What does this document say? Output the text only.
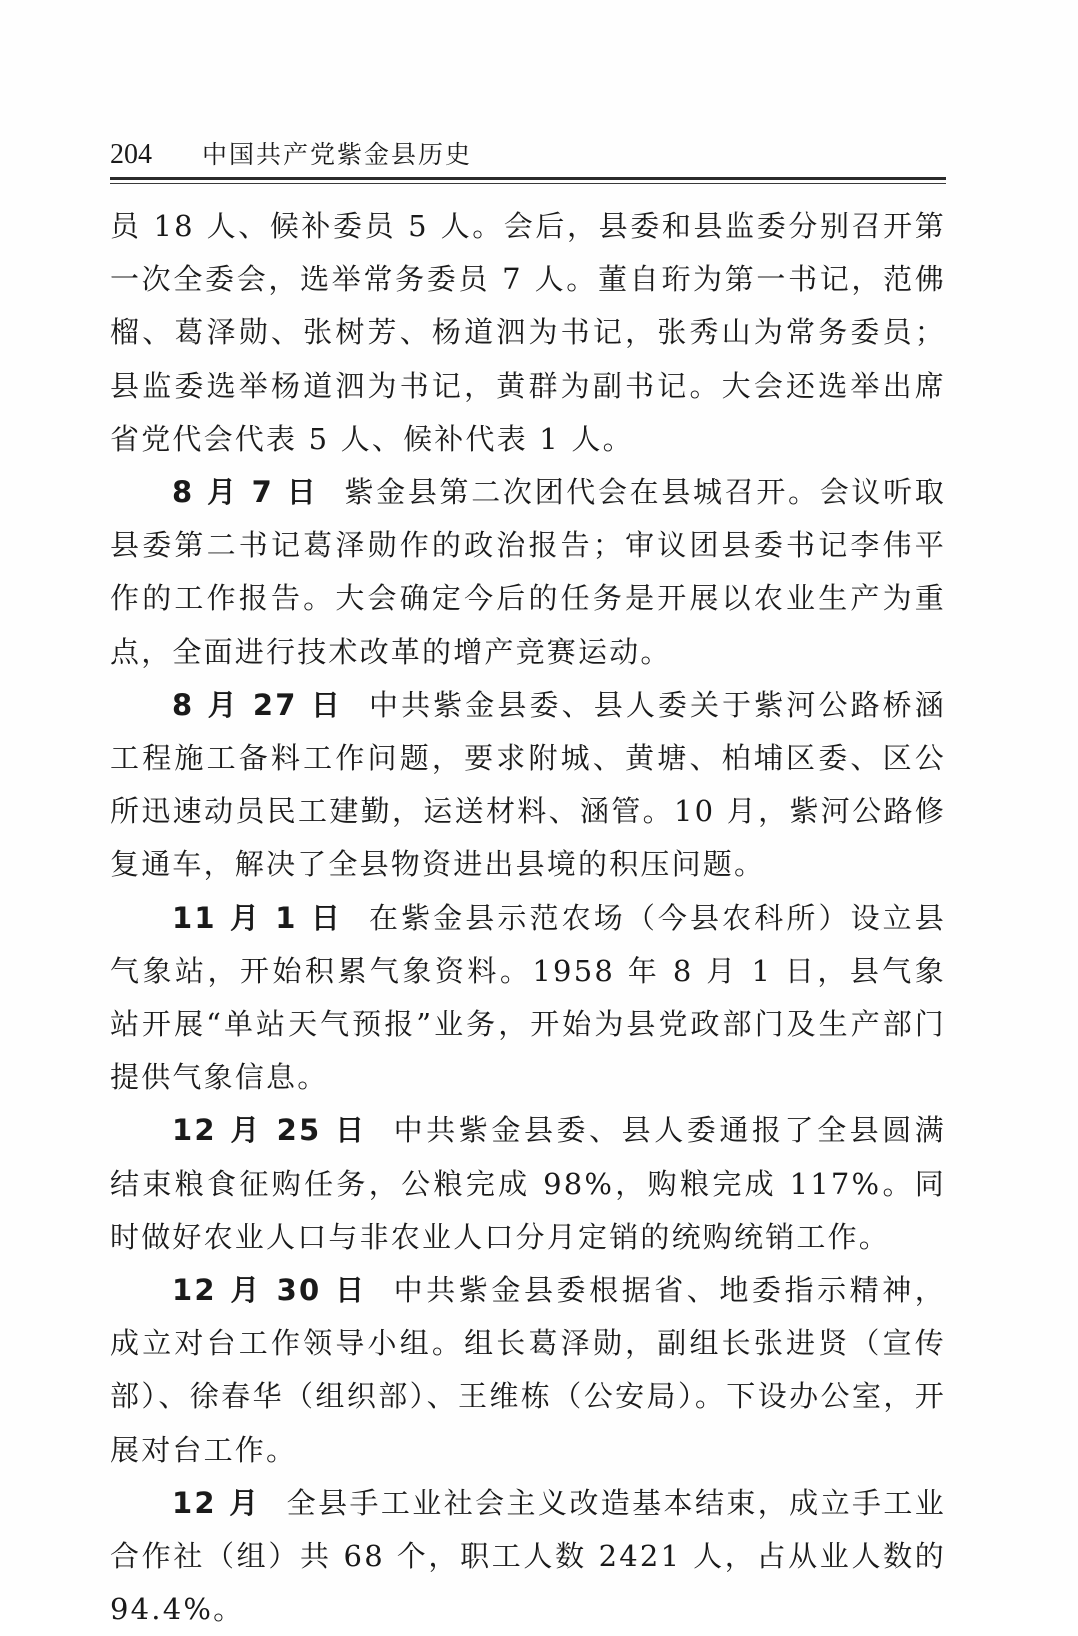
204 中国共产党紫金县历史

员 18 人、候补委员 5 人。会后，县委和县监委分别召开第一次全委会，选举常务委员 7 人。董自珩为第一书记，范佛榴、葛泽勋、张树芳、杨道泗为书记，张秀山为常务委员；县监委选举杨道泗为书记，黄群为副书记。大会还选举出席省党代会代表 5 人、候补代表 1 人。

8 月 7 日 紫金县第二次团代会在县城召开。会议听取县委第二书记葛泽勋作的政治报告；审议团县委书记李伟平作的工作报告。大会确定今后的任务是开展以农业生产为重点，全面进行技术改革的增产竞赛运动。

8 月 27 日 中共紫金县委、县人委关于紫河公路桥涵工程施工备料工作问题，要求附城、黄塘、柏埔区委、区公所迅速动员民工建勤，运送材料、涵管。10 月，紫河公路修复通车，解决了全县物资进出县境的积压问题。

11 月 1 日 在紫金县示范农场（今县农科所）设立县气象站，开始积累气象资料。1958 年 8 月 1 日，县气象站开展“单站天气预报”业务，开始为县党政部门及生产部门提供气象信息。

12 月 25 日 中共紫金县委、县人委通报了全县圆满结束粮食征购任务，公粮完成 98%，购粮完成 117%。同时做好农业人口与非农业人口分月定销的统购统销工作。

12 月 30 日 中共紫金县委根据省、地委指示精神，成立对台工作领导小组。组长葛泽勋，副组长张进贤（宣传部）、徐春华（组织部）、王维栋（公安局）。下设办公室，开展对台工作。

12 月 全县手工业社会主义改造基本结束，成立手工业合作社（组）共 68 个，职工人数 2421 人，占从业人数的 94.4%。
